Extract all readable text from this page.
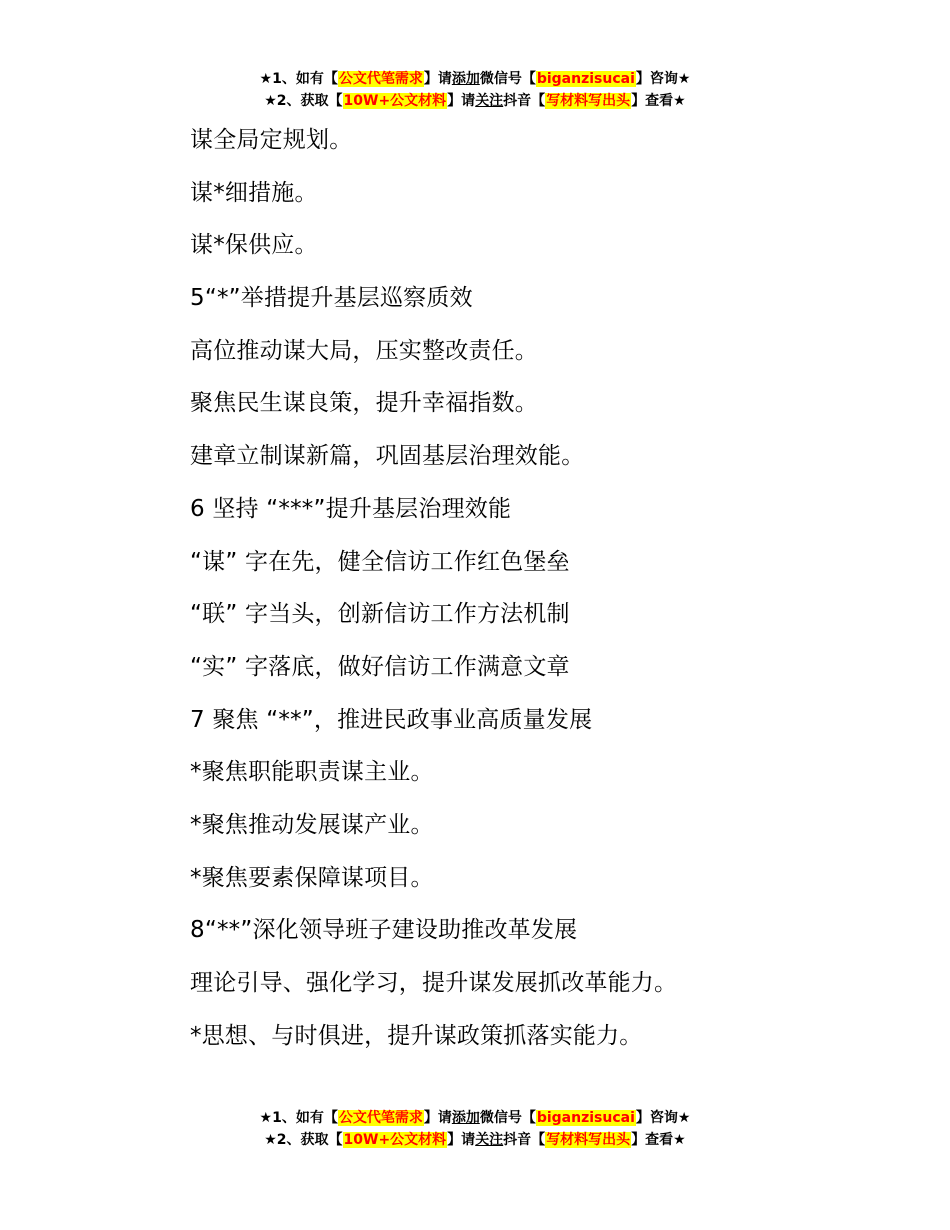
★1、如有【公文代笔需求】请添加微信号【biganzisucai】咨询★
★2、获取【10W+公文材料】请关注抖音【写材料写出头】查看★
谋全局定规划。
谋*细措施。
谋*保供应。
5“*”举措提升基层巡察质效
高位推动谋大局，压实整改责任。
聚焦民生谋良策，提升幸福指数。
建章立制谋新篇，巩固基层治理效能。
6 坚持 “***”提升基层治理效能
“谋” 字在先，健全信访工作红色堡垒
“联” 字当头，创新信访工作方法机制
“实” 字落底，做好信访工作满意文章
7 聚焦 “**”，推进民政事业高质量发展
*聚焦职能职责谋主业。
*聚焦推动发展谋产业。
*聚焦要素保障谋项目。
8“**”深化领导班子建设助推改革发展
理论引导、强化学习，提升谋发展抓改革能力。
*思想、与时俱进，提升谋政策抓落实能力。
★1、如有【公文代笔需求】请添加微信号【biganzisucai】咨询★
★2、获取【10W+公文材料】请关注抖音【写材料写出头】查看★
